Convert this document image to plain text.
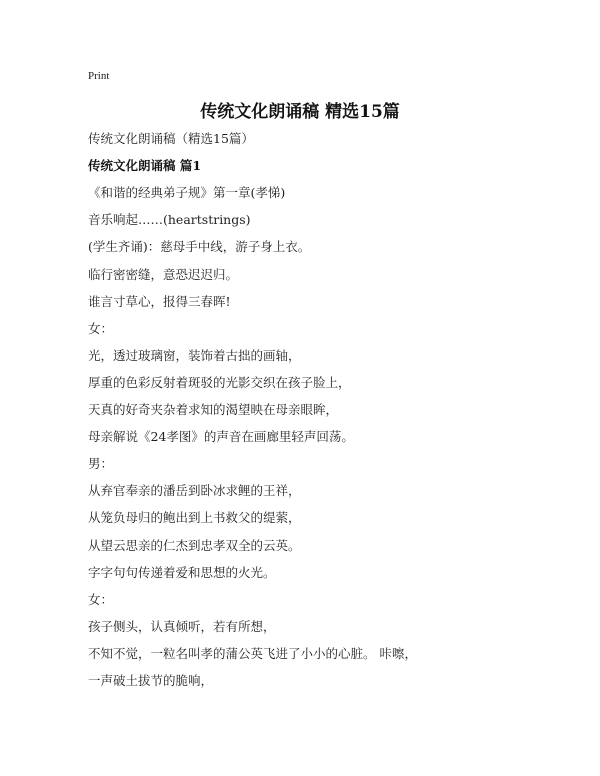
Print
传统文化朗诵稿 精选15篇
传统文化朗诵稿（精选15篇）
传统文化朗诵稿 篇1
《和谐的经典弟子规》第一章(孝悌)
音乐响起……(heartstrings)
(学生齐诵)：慈母手中线，游子身上衣。
临行密密缝，意恐迟迟归。
谁言寸草心，报得三春晖!
女：
光，透过玻璃窗，装饰着古拙的画轴，
厚重的色彩反射着斑驳的光影交织在孩子脸上，
天真的好奇夹杂着求知的渴望映在母亲眼眸，
母亲解说《24孝图》的声音在画廊里轻声回荡。
男：
从弃官奉亲的潘岳到卧冰求鲤的王祥，
从笼负母归的鲍出到上书救父的缇萦，
从望云思亲的仁杰到忠孝双全的云英。
字字句句传递着爱和思想的火光。
女：
孩子侧头，认真倾听，若有所想，
不知不觉，一粒名叫孝的蒲公英飞进了小小的心脏。 咔嚓，
一声破土拔节的脆响，
